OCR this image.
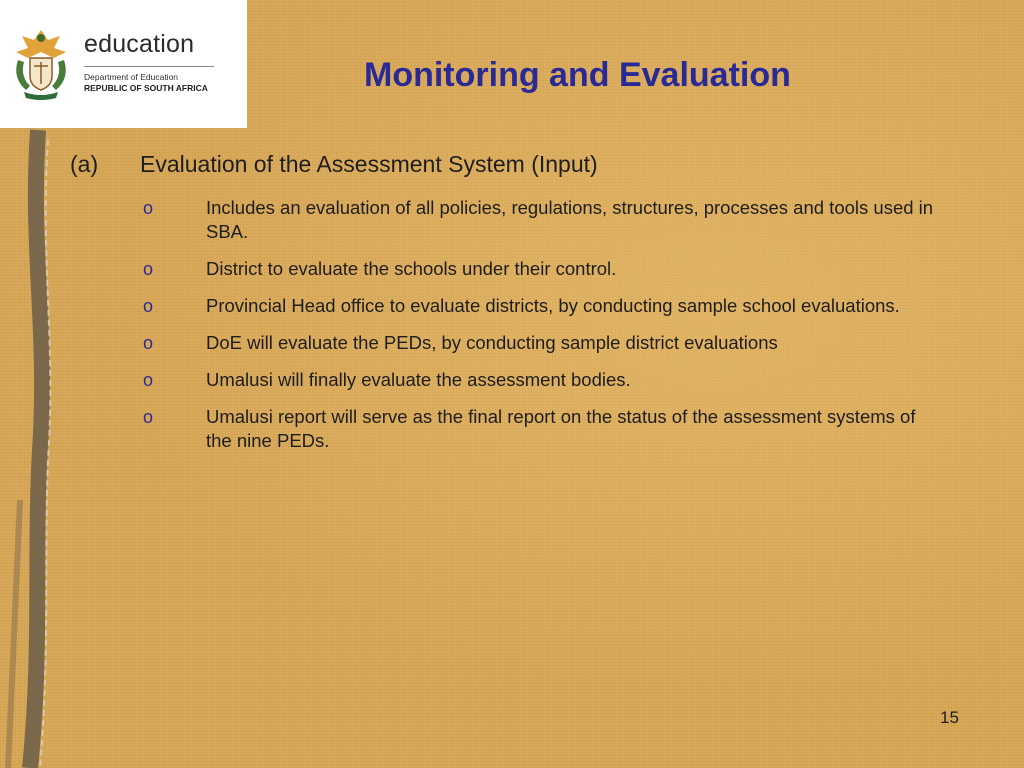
education
Department of Education
REPUBLIC OF SOUTH AFRICA	Monitoring and Evaluation
(a) Evaluation of the Assessment System (Input)
o	Includes an evaluation of all policies, regulations, structures, processes and tools used in SBA.
o	District to evaluate the schools under their control.
o	Provincial Head office to evaluate districts, by conducting sample school evaluations.
o	DoE will evaluate the PEDs, by conducting sample district evaluations
o	Umalusi will finally evaluate the assessment bodies.
o	Umalusi report will serve as the final report on the status of the assessment systems of the nine PEDs.
15
